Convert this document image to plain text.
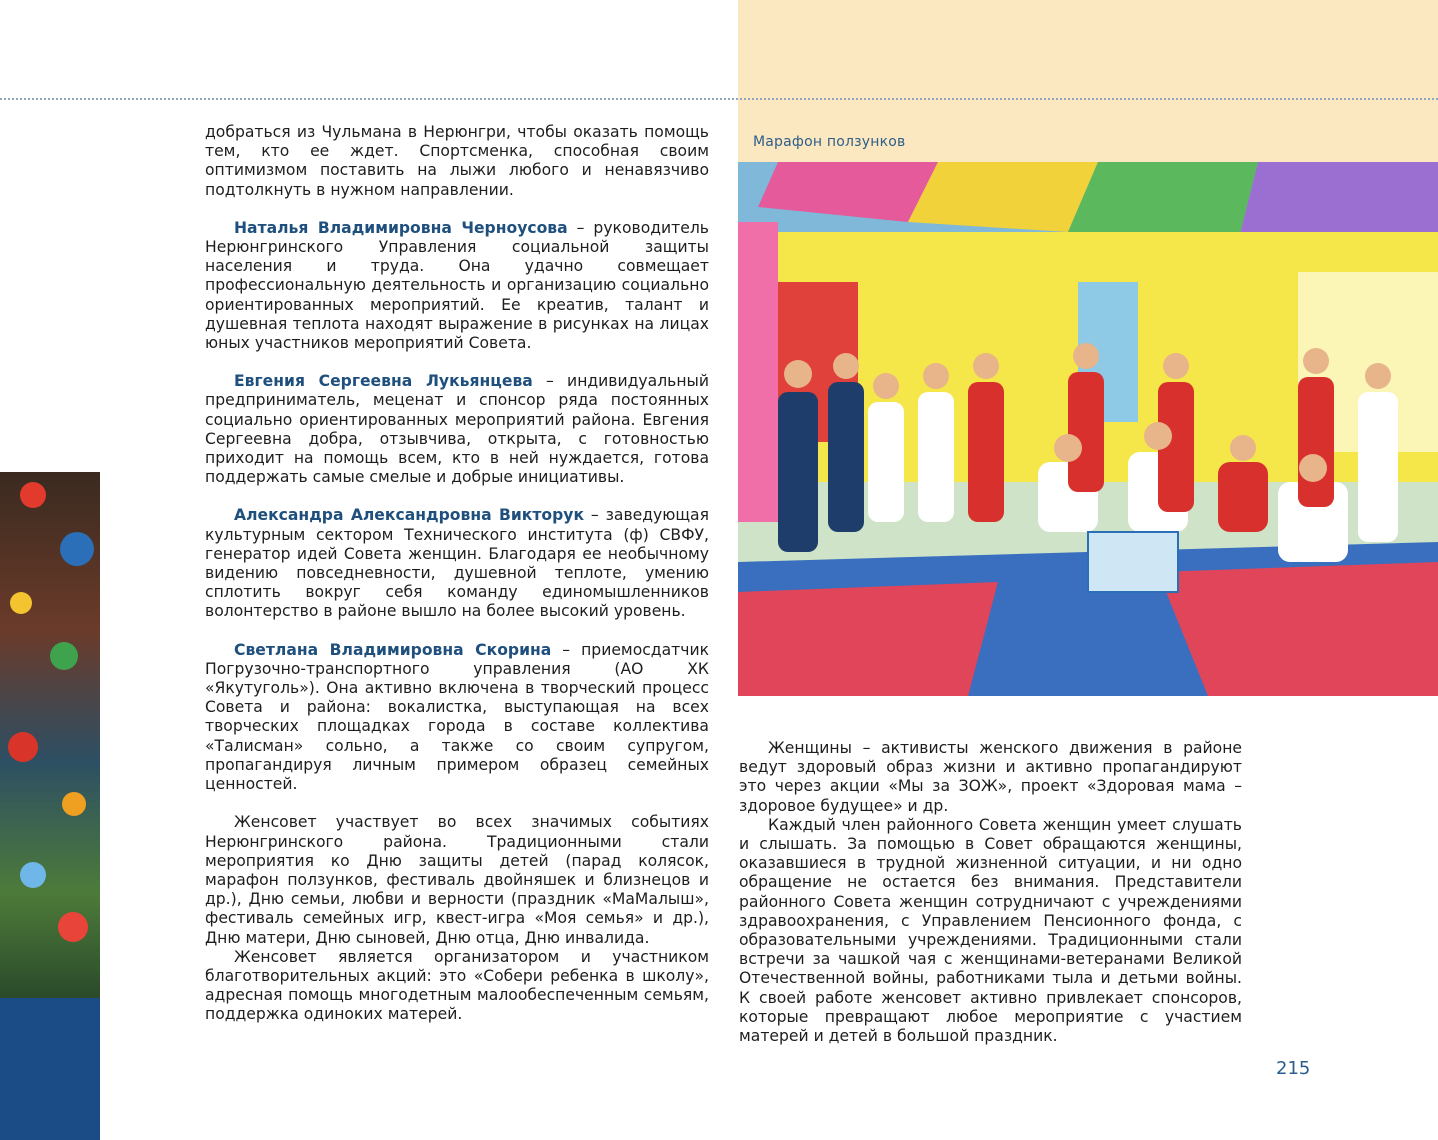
Марафон ползунков

добраться из Чульмана в Нерюнгри, чтобы оказать помощь тем, кто ее ждет. Спортсменка, способная своим оптимизмом поставить на лыжи любого и ненавязчиво подтолкнуть в нужном направлении.

Наталья Владимировна Черноусова – руководитель Нерюнгринского Управления социальной защиты населения и труда. Она удачно совмещает профессиональную деятельность и организацию социально ориентированных мероприятий. Ее креатив, талант и душевная теплота находят выражение в рисунках на лицах юных участников мероприятий Совета.

Евгения Сергеевна Лукьянцева – индивидуальный предприниматель, меценат и спонсор ряда постоянных социально ориентированных мероприятий района. Евгения Сергеевна добра, отзывчива, открыта, с готовностью приходит на помощь всем, кто в ней нуждается, готова поддержать самые смелые и добрые инициативы.

Александра Александровна Викторук – заведующая культурным сектором Технического института (ф) СВФУ, генератор идей Совета женщин. Благодаря ее необычному видению повседневности, душевной теплоте, умению сплотить вокруг себя команду единомышленников волонтерство в районе вышло на более высокий уровень.

Светлана Владимировна Скорина – приемосдатчик Погрузочно-транспортного управления (АО ХК «Якутуголь»). Она активно включена в творческий процесс Совета и района: вокалистка, выступающая на всех творческих площадках города в составе коллектива «Талисман» сольно, а также со своим супругом, пропагандируя личным примером образец семейных ценностей.

Женсовет участвует во всех значимых событиях Нерюнгринского района. Традиционными стали мероприятия ко Дню защиты детей (парад колясок, марафон ползунков, фестиваль двойняшек и близнецов и др.), Дню семьи, любви и верности (праздник «МаМалыш», фестиваль семейных игр, квест-игра «Моя семья» и др.), Дню матери, Дню сыновей, Дню отца, Дню инвалида.

Женсовет является организатором и участником благотворительных акций: это «Собери ребенка в школу», адресная помощь многодетным малообеспеченным семьям, поддержка одиноких матерей.

Женщины – активисты женского движения в районе ведут здоровый образ жизни и активно пропагандируют это через акции «Мы за ЗОЖ», проект «Здоровая мама – здоровое будущее» и др.

Каждый член районного Совета женщин умеет слушать и слышать. За помощью в Совет обращаются женщины, оказавшиеся в трудной жизненной ситуации, и ни одно обращение не остается без внимания. Представители районного Совета женщин сотрудничают с учреждениями здравоохранения, с Управлением Пенсионного фонда, с образовательными учреждениями. Традиционными стали встречи за чашкой чая с женщинами-ветеранами Великой Отечественной войны, работниками тыла и детьми войны. К своей работе женсовет активно привлекает спонсоров, которые превращают любое мероприятие с участием матерей и детей в большой праздник.

215
